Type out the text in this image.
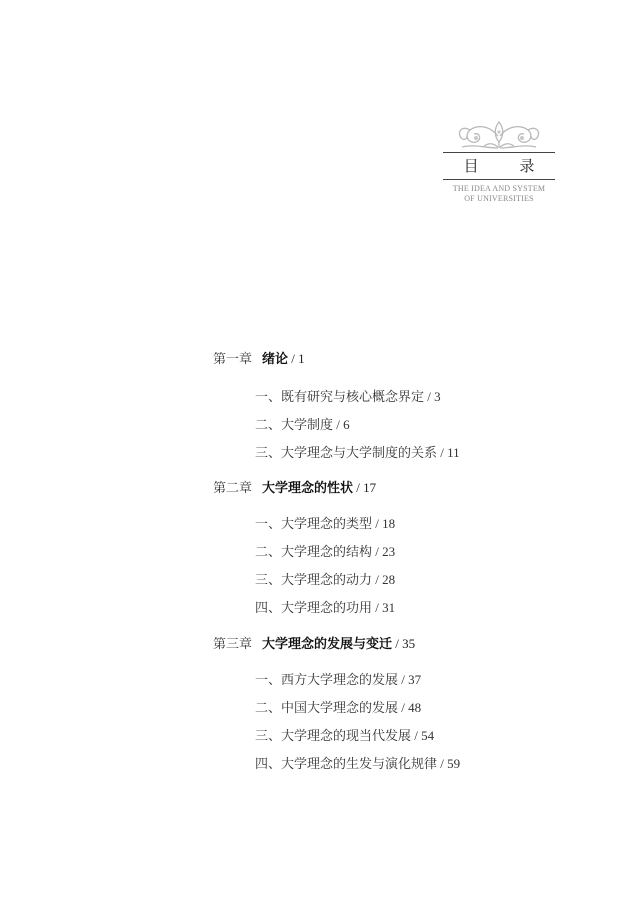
目 录
THE IDEA AND SYSTEM
OF UNIVERSITIES
第一章 绪论 / 1
一、既有研究与核心概念界定 / 3
二、大学制度 / 6
三、大学理念与大学制度的关系 / 11
第二章 大学理念的性状 / 17
一、大学理念的类型 / 18
二、大学理念的结构 / 23
三、大学理念的动力 / 28
四、大学理念的功用 / 31
第三章 大学理念的发展与变迁 / 35
一、西方大学理念的发展 / 37
二、中国大学理念的发展 / 48
三、大学理念的现当代发展 / 54
四、大学理念的生发与演化规律 / 59
